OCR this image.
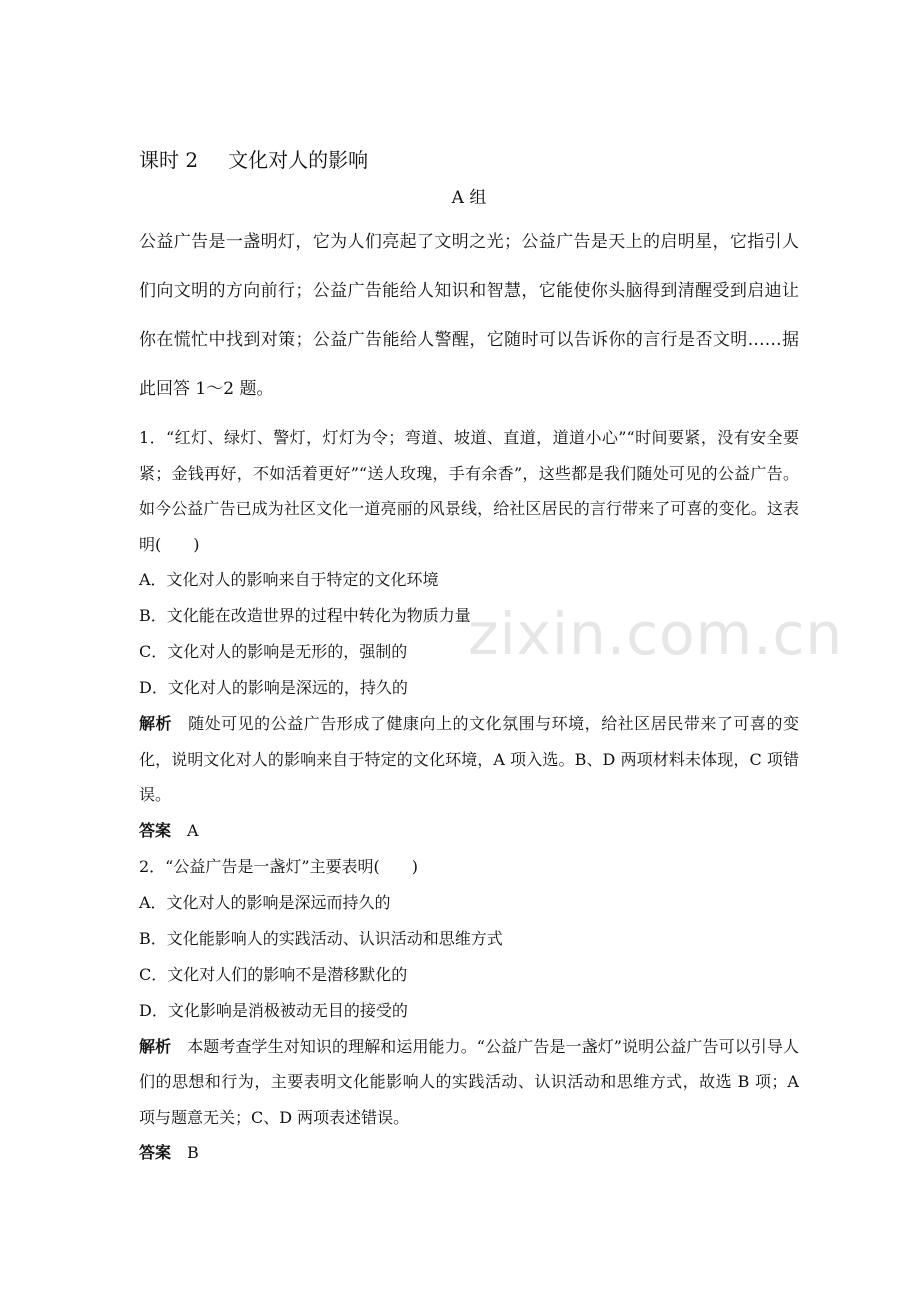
zixin.com.cn

课时 2 文化对人的影响

A 组

公益广告是一盏明灯，它为人们亮起了文明之光；公益广告是天上的启明星，它指引人们向文明的方向前行；公益广告能给人知识和智慧，它能使你头脑得到清醒受到启迪让你在慌忙中找到对策；公益广告能给人警醒，它随时可以告诉你的言行是否文明……据此回答 1～2 题。

1．“红灯、绿灯、警灯，灯灯为令；弯道、坡道、直道，道道小心”“时间要紧，没有安全要紧；金钱再好，不如活着更好”“送人玫瑰，手有余香”，这些都是我们随处可见的公益广告。如今公益广告已成为社区文化一道亮丽的风景线，给社区居民的言行带来了可喜的变化。这表明(　　)

A．文化对人的影响来自于特定的文化环境

B．文化能在改造世界的过程中转化为物质力量

C．文化对人的影响是无形的，强制的

D．文化对人的影响是深远的，持久的

解析 随处可见的公益广告形成了健康向上的文化氛围与环境，给社区居民带来了可喜的变化，说明文化对人的影响来自于特定的文化环境，A 项入选。B、D 两项材料未体现，C 项错误。

答案 A

2．“公益广告是一盏灯”主要表明(　　)

A．文化对人的影响是深远而持久的

B．文化能影响人的实践活动、认识活动和思维方式

C．文化对人们的影响不是潜移默化的

D．文化影响是消极被动无目的接受的

解析 本题考查学生对知识的理解和运用能力。“公益广告是一盏灯”说明公益广告可以引导人们的思想和行为，主要表明文化能影响人的实践活动、认识活动和思维方式，故选 B 项；A 项与题意无关；C、D 两项表述错误。

答案 B
